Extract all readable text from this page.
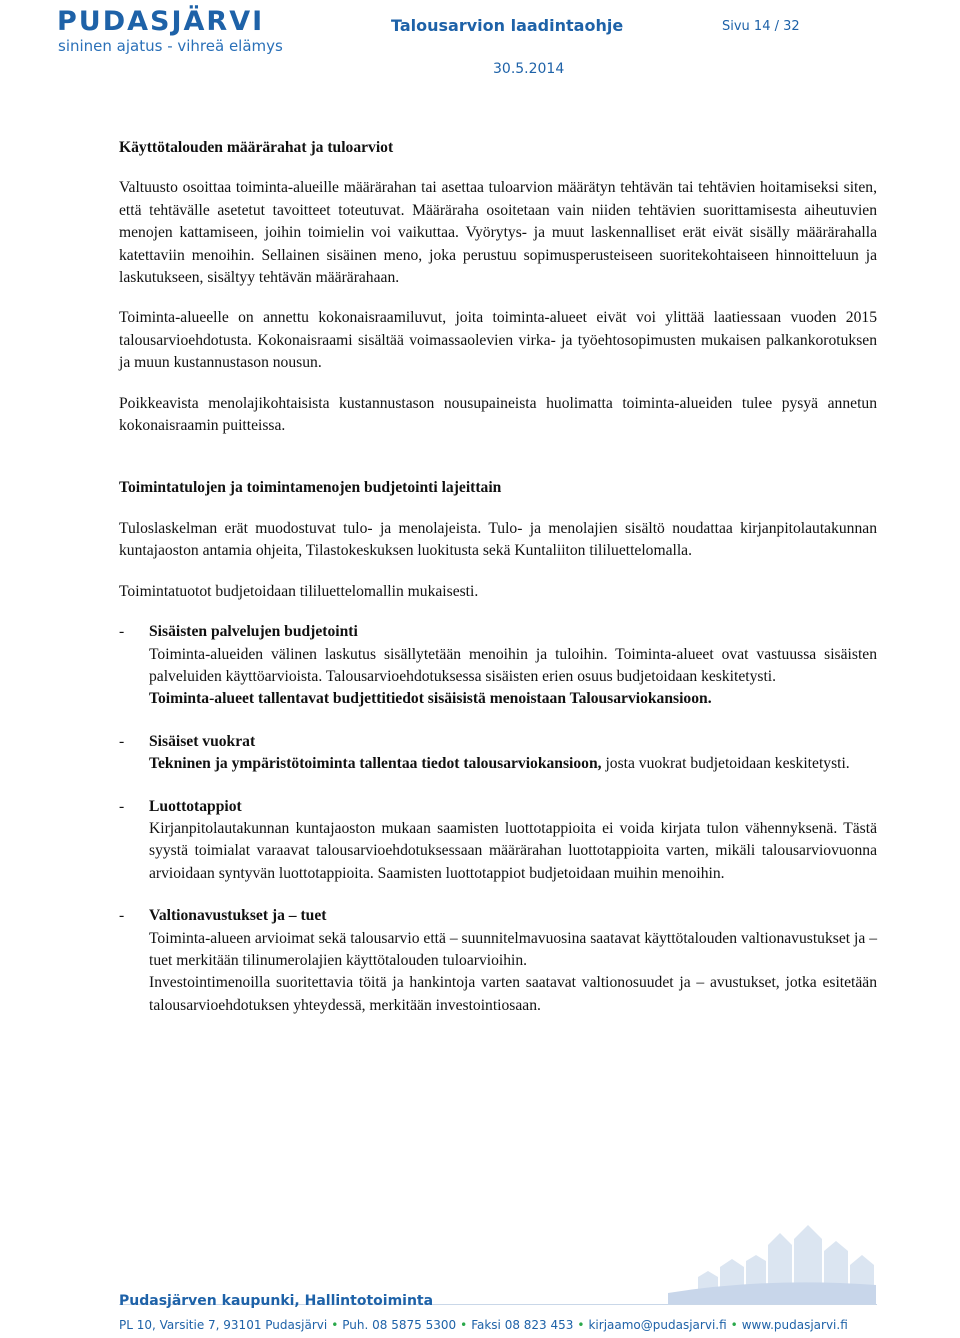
PUDASJÄRVI
sininen ajatus - vihreä elämys
Talousarvion laadintaohje	Sivu 14 / 32
30.5.2014

Käyttötalouden määrärahat ja tuloarviot

Valtuusto osoittaa toiminta-alueille määrärahan tai asettaa tuloarvion määrätyn tehtävän tai tehtävien hoitamiseksi siten, että tehtävälle asetetut tavoitteet toteutuvat. Määräraha osoitetaan vain niiden tehtävien suorittamisesta aiheutuvien menojen kattamiseen, joihin toimielin voi vaikuttaa. Vyörytys- ja muut laskennalliset erät eivät sisälly määrärahalla katettaviin menoihin. Sellainen sisäinen meno, joka perustuu sopimusperusteiseen suoritekohtaiseen hinnoitteluun ja laskutukseen, sisältyy tehtävän määrärahaan.

Toiminta-alueelle on annettu kokonaisraamiluvut, joita toiminta-alueet eivät voi ylittää laatiessaan vuoden 2015 talousarvioehdotusta. Kokonaisraami sisältää voimassaolevien virka- ja työehtosopimusten mukaisen palkankorotuksen ja muun kustannustason nousun.

Poikkeavista menolajikohtaisista kustannustason nousupaineista huolimatta toiminta-alueiden tulee pysyä annetun kokonaisraamin puitteissa.

Toimintatulojen ja toimintamenojen budjetointi lajeittain

Tuloslaskelman erät muodostuvat tulo- ja menolajeista. Tulo- ja menolajien sisältö noudattaa kirjanpitolautakunnan kuntajaoston antamia ohjeita, Tilastokeskuksen luokitusta sekä Kuntaliiton tililuettelomalla.

Toimintatuotot budjetoidaan tililuettelomallin mukaisesti.

-	Sisäisten palvelujen budjetointi
Toiminta-alueiden välinen laskutus sisällytetään menoihin ja tuloihin. Toiminta-alueet ovat vastuussa sisäisten palveluiden käyttöarvioista. Talousarvioehdotuksessa sisäisten erien osuus budjetoidaan keskitetysti.
Toiminta-alueet tallentavat budjettitiedot sisäisistä menoistaan Talousarviokansioon.
-	Sisäiset vuokrat
Tekninen ja ympäristötoiminta tallentaa tiedot talousarviokansioon, josta vuokrat budjetoidaan keskitetysti.
-	Luottotappiot
Kirjanpitolautakunnan kuntajaoston mukaan saamisten luottotappioita ei voida kirjata tulon vähennyksenä. Tästä syystä toimialat varaavat talousarvioehdotuksessaan määrärahan luottotappioita varten, mikäli talousarviovuonna arvioidaan syntyvän luottotappioita. Saamisten luottotappiot budjetoidaan muihin menoihin.
-	Valtionavustukset ja – tuet
Toiminta-alueen arvioimat sekä talousarvio että – suunnitelmavuosina saatavat käyttötalouden valtionavustukset ja – tuet merkitään tilinumerolajien käyttötalouden tuloarvioihin.
Investointimenoilla suoritettavia töitä ja hankintoja varten saatavat valtionosuudet ja – avustukset, jotka esitetään talousarvioehdotuksen yhteydessä, merkitään investointiosaan.
Pudasjärven kaupunki, Hallintotoiminta
PL 10, Varsitie 7, 93101 Pudasjärvi • Puh. 08 5875 5300 • Faksi 08 823 453 • kirjaamo@pudasjarvi.fi • www.pudasjarvi.fi
